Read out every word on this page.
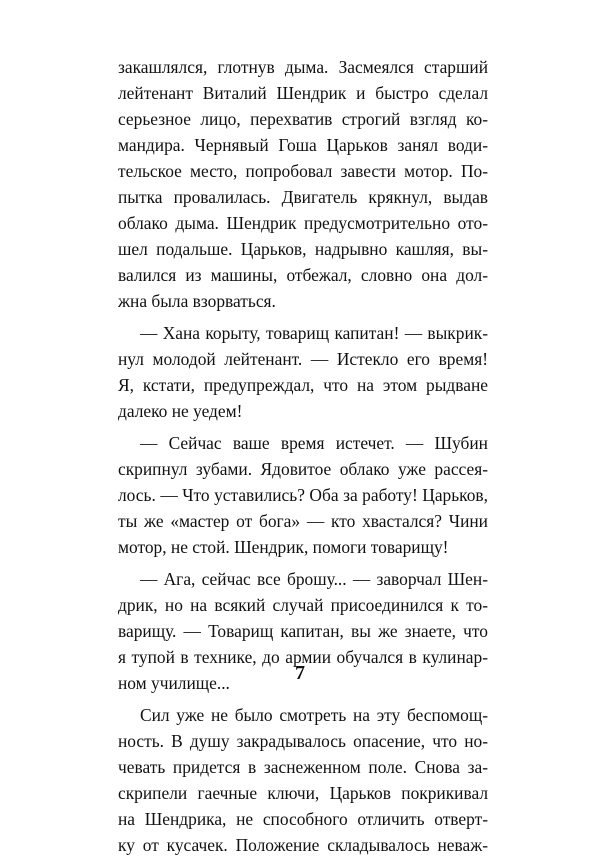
закашлялся, глотнув дыма. Засмеялся старший
лейтенант Виталий Шендрик и быстро сделал
серьезное лицо, перехватив строгий взгляд ко-
мандира. Чернявый Гоша Царьков занял води-
тельское место, попробовал завести мотор. По-
пытка провалилась. Двигатель крякнул, выдав
облако дыма. Шендрик предусмотрительно ото-
шел подальше. Царьков, надрывно кашляя, вы-
валился из машины, отбежал, словно она дол-
жна была взорваться.
— Хана корыту, товарищ капитан! — выкрик-
нул молодой лейтенант. — Истекло его время!
Я, кстати, предупреждал, что на этом рыдване
далеко не уедем!
— Сейчас ваше время истечет. — Шубин
скрипнул зубами. Ядовитое облако уже рассея-
лось. — Что уставились? Оба за работу! Царьков,
ты же «мастер от бога» — кто хвастался? Чини
мотор, не стой. Шендрик, помоги товарищу!
— Ага, сейчас все брошу... — заворчал Шен-
дрик, но на всякий случай присоединился к то-
варищу. — Товарищ капитан, вы же знаете, что
я тупой в технике, до армии обучался в кулинар-
ном училище...
Сил уже не было смотреть на эту беспомощ-
ность. В душу закрадывалось опасение, что но-
чевать придется в заснеженном поле. Снова за-
скрипели гаечные ключи, Царьков покрикивал
на Шендрика, не способного отличить отверт-
ку от кусачек. Положение складывалось неваж-
7
